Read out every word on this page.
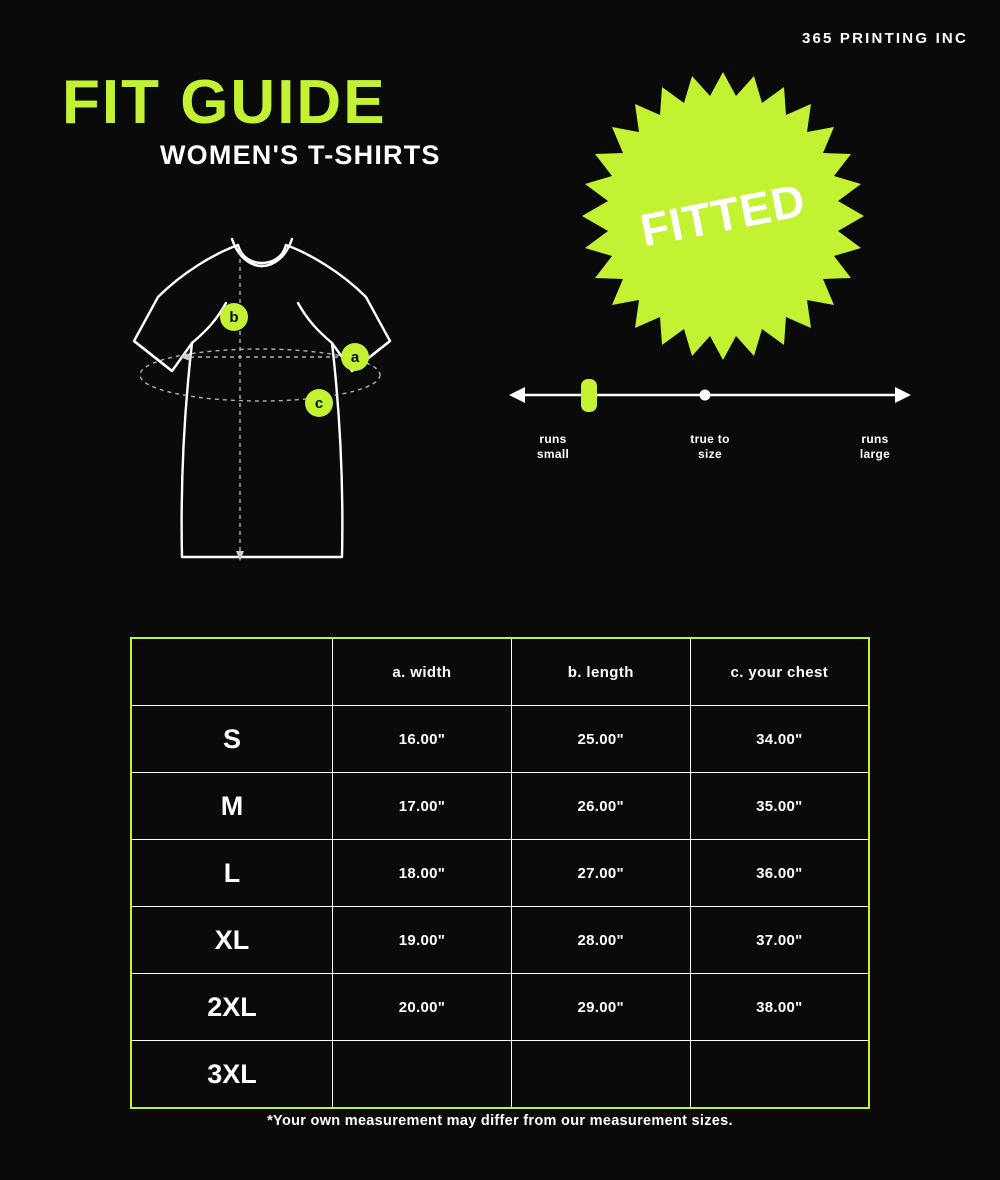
365 PRINTING INC
FIT GUIDE
WOMEN'S T-SHIRTS
b
a
c
FITTED
runs
small
true to
size
runs
large
	a. width	b. length	c. your chest
S	16.00"	25.00"	34.00"
M	17.00"	26.00"	35.00"
L	18.00"	27.00"	36.00"
XL	19.00"	28.00"	37.00"
2XL	20.00"	29.00"	38.00"
3XL			
*Your own measurement may differ from our measurement sizes.
